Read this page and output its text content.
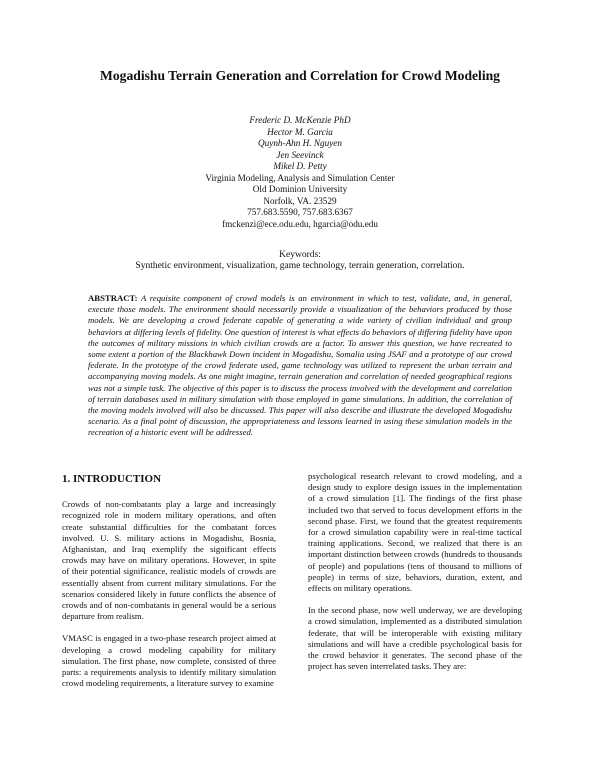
Mogadishu Terrain Generation and Correlation for Crowd Modeling
Frederic D. McKenzie PhD
Hector M. Garcia
Quynh-Ahn H. Nguyen
Jen Seevinck
Mikel D. Petty
Virginia Modeling, Analysis and Simulation Center
Old Dominion University
Norfolk, VA. 23529
757.683.5590, 757.683.6367
fmckenzi@ece.odu.edu, hgarcia@odu.edu
Keywords:
Synthetic environment, visualization, game technology, terrain generation, correlation.
ABSTRACT: A requisite component of crowd models is an environment in which to test, validate, and, in general, execute those models. The environment should necessarily provide a visualization of the behaviors produced by those models. We are developing a crowd federate capable of generating a wide variety of civilian individual and group behaviors at differing levels of fidelity. One question of interest is what effects do behaviors of differing fidelity have upon the outcomes of military missions in which civilian crowds are a factor. To answer this question, we have recreated to some extent a portion of the Blackhawk Down incident in Mogadishu, Somalia using JSAF and a prototype of our crowd federate. In the prototype of the crowd federate used, game technology was utilized to represent the urban terrain and accompanying moving models. As one might imagine, terrain generation and correlation of needed geographical regions was not a simple task. The objective of this paper is to discuss the process involved with the development and correlation of terrain databases used in military simulation with those employed in game simulations. In addition, the correlation of the moving models involved will also be discussed. This paper will also describe and illustrate the developed Mogadishu scenario. As a final point of discussion, the appropriateness and lessons learned in using these simulation models in the recreation of a historic event will be addressed.

1. INTRODUCTION

Crowds of non-combatants play a large and increasingly recognized role in modern military operations, and often create substantial difficulties for the combatant forces involved. U. S. military actions in Mogadishu, Bosnia, Afghanistan, and Iraq exemplify the significant effects crowds may have on military operations. However, in spite of their potential significance, realistic models of crowds are essentially absent from current military simulations. For the scenarios considered likely in future conflicts the absence of crowds and of non-combatants in general would be a serious departure from realism.

VMASC is engaged in a two-phase research project aimed at developing a crowd modeling capability for military simulation. The first phase, now complete, consisted of three parts: a requirements analysis to identify military simulation crowd modeling requirements, a literature survey to examine

psychological research relevant to crowd modeling, and a design study to explore design issues in the implementation of a crowd simulation [1]. The findings of the first phase included two that served to focus development efforts in the second phase. First, we found that the greatest requirements for a crowd simulation capability were in real-time tactical training applications. Second, we realized that there is an important distinction between crowds (hundreds to thousands of people) and populations (tens of thousand to millions of people) in terms of size, behaviors, duration, extent, and effects on military operations.

In the second phase, now well underway, we are developing a crowd simulation, implemented as a distributed simulation federate, that will be interoperable with existing military simulations and will have a credible psychological basis for the crowd behavior it generates. The second phase of the project has seven interrelated tasks. They are:
